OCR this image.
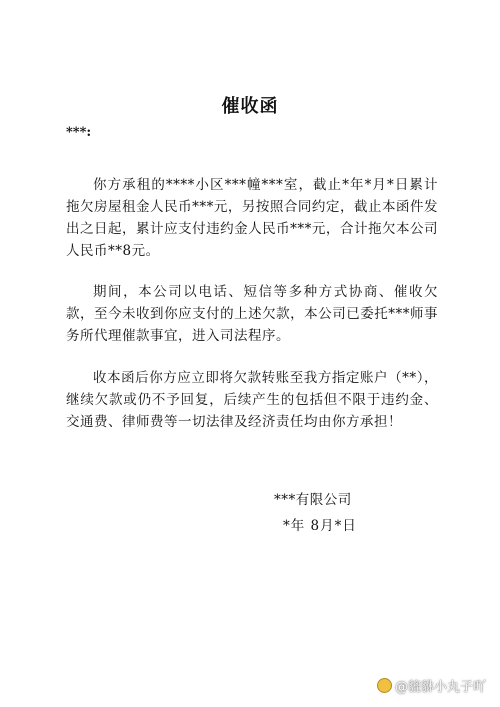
催收函
***:

你方承租的****小区***幢***室，截止*年*月*日累计拖欠房屋租金人民币***元，另按照合同约定，截止本函件发出之日起，累计应支付违约金人民币***元，合计拖欠本公司人民币**8元。

期间，本公司以电话、短信等多种方式协商、催收欠款，至今未收到你应支付的上述欠款，本公司已委托***师事务所代理催款事宜，进入司法程序。

收本函后你方应立即将欠款转账至我方指定账户（**），继续欠款或仍不予回复，后续产生的包括但不限于违约金、交通费、律师费等一切法律及经济责任均由你方承担！

***有限公司
*年 8月*日
@貔貅小丸子吖
